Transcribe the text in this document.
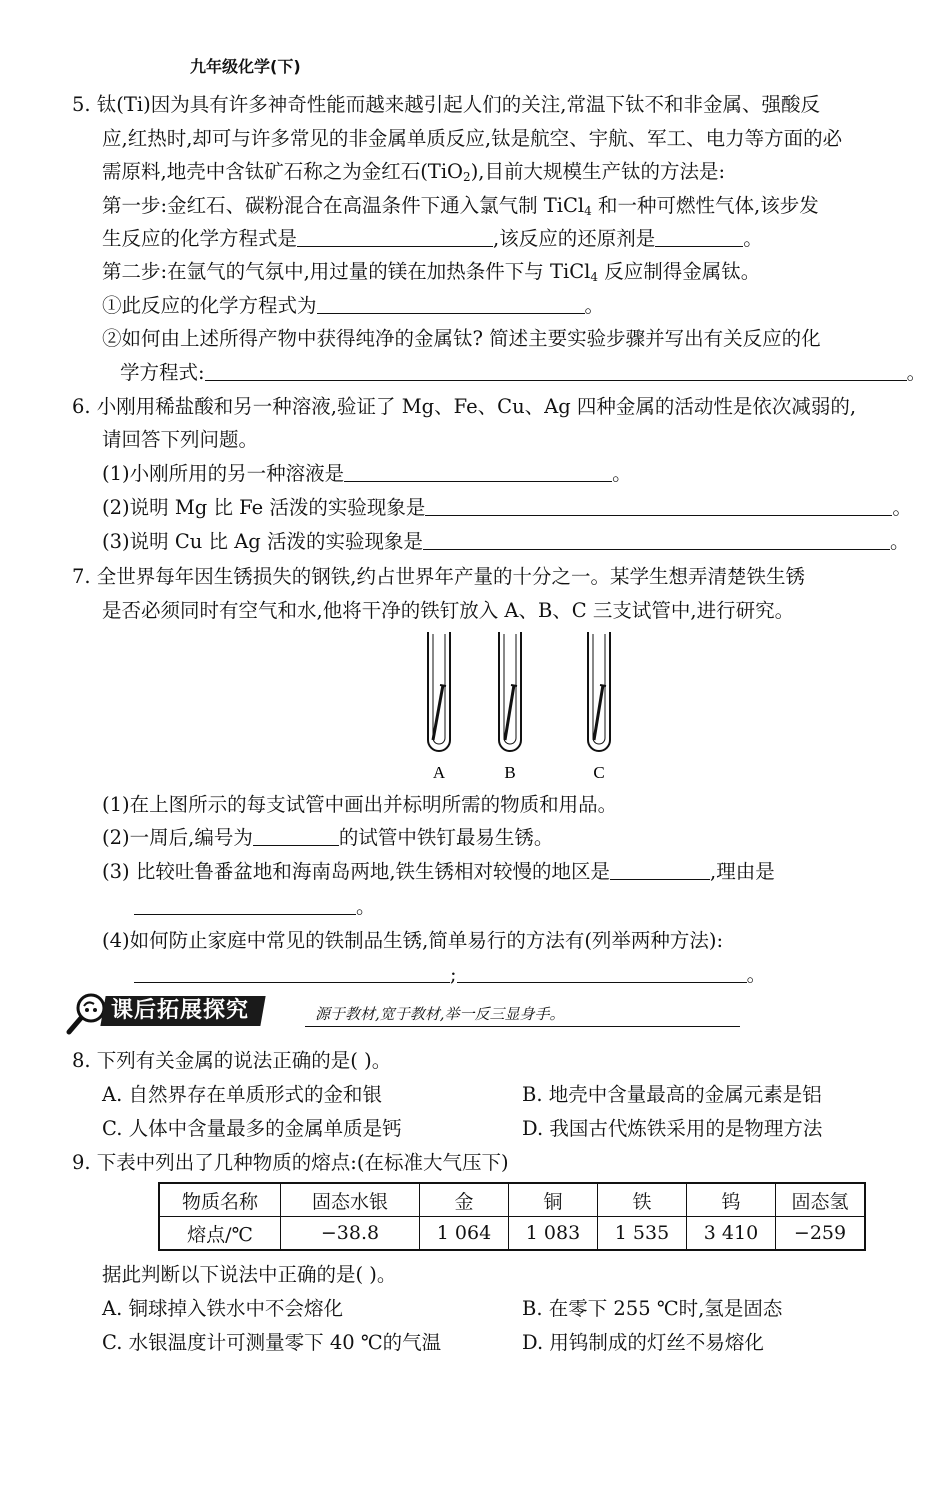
九年级化学(下)
5. 钛(Ti)因为具有许多神奇性能而越来越引起人们的关注,常温下钛不和非金属、强酸反
应,红热时,却可与许多常见的非金属单质反应,钛是航空、宇航、军工、电力等方面的必
需原料,地壳中含钛矿石称之为金红石(TiO$_2$),目前大规模生产钛的方法是:
第一步:金红石、碳粉混合在高温条件下通入氯气制 TiCl$_4$ 和一种可燃性气体,该步发
生反应的化学方程式是	,该反应的还原剂是	。
第二步:在氩气的气氛中,用过量的镁在加热条件下与 TiCl$_4$ 反应制得金属钛。
①此反应的化学方程式为	。
②如何由上述所得产物中获得纯净的金属钛? 简述主要实验步骤并写出有关反应的化
学方程式:	。
6. 小刚用稀盐酸和另一种溶液,验证了 Mg、Fe、Cu、Ag 四种金属的活动性是依次减弱的,
请回答下列问题。
(1)小刚所用的另一种溶液是	。
(2)说明 Mg 比 Fe 活泼的实验现象是	。
(3)说明 Cu 比 Ag 活泼的实验现象是	。
7. 全世界每年因生锈损失的钢铁,约占世界年产量的十分之一。某学生想弄清楚铁生锈
是否必须同时有空气和水,他将干净的铁钉放入 A、B、C 三支试管中,进行研究。
A	B	C
(1)在上图所示的每支试管中画出并标明所需的物质和用品。
(2)一周后,编号为	的试管中铁钉最易生锈。
(3) 比较吐鲁番盆地和海南岛两地,铁生锈相对较慢的地区是	,理由是
。
(4)如何防止家庭中常见的铁制品生锈,简单易行的方法有(列举两种方法):
;	。
课后拓展探究	源于教材,宽于教材,举一反三显身手。
8. 下列有关金属的说法正确的是( )。
A. 自然界存在单质形式的金和银	B. 地壳中含量最高的金属元素是铝
C. 人体中含量最多的金属单质是钙	D. 我国古代炼铁采用的是物理方法
9. 下表中列出了几种物质的熔点:(在标准大气压下)
物质名称	固态水银	金	铜	铁	钨	固态氢
熔点/℃	−38.8	1 064	1 083	1 535	3 410	−259
据此判断以下说法中正确的是( )。
A. 铜球掉入铁水中不会熔化	B. 在零下 255 ℃时,氢是固态
C. 水银温度计可测量零下 40 ℃的气温	D. 用钨制成的灯丝不易熔化
